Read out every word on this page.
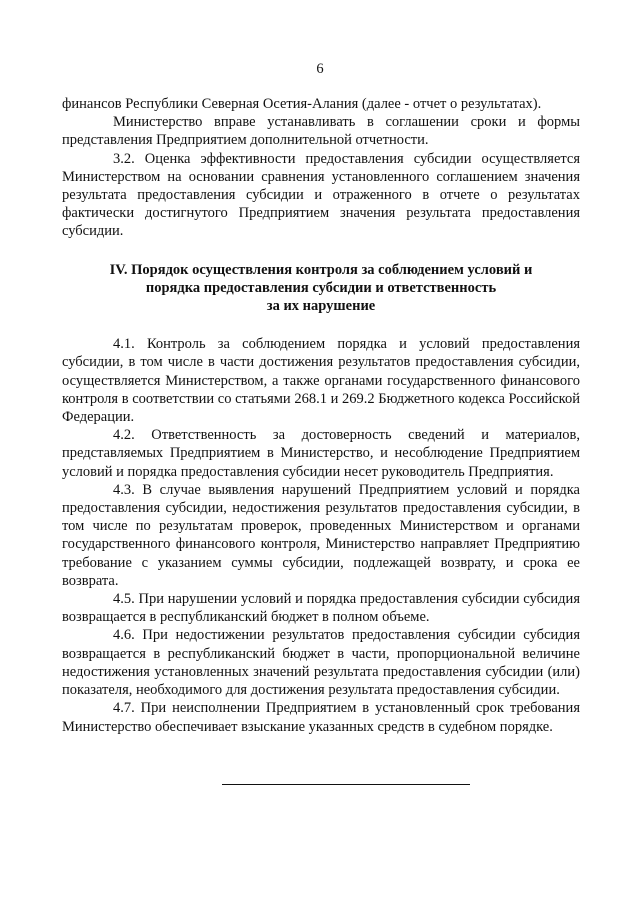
6

финансов Республики Северная Осетия-Алания (далее - отчет о результатах).

Министерство вправе устанавливать в соглашении сроки и формы представления Предприятием дополнительной отчетности.

3.2. Оценка эффективности предоставления субсидии осуществляется Министерством на основании сравнения установленного соглашением значения результата предоставления субсидии и отраженного в отчете о результатах фактически достигнутого Предприятием значения результата предоставления субсидии.

IV. Порядок осуществления контроля за соблюдением условий и
порядка предоставления субсидии и ответственность
за их нарушение

4.1. Контроль за соблюдением порядка и условий предоставления субсидии, в том числе в части достижения результатов предоставления субсидии, осуществляется Министерством, а также органами государственного финансового контроля в соответствии со статьями 268.1 и 269.2 Бюджетного кодекса Российской Федерации.

4.2. Ответственность за достоверность сведений и материалов, представляемых Предприятием в Министерство, и несоблюдение Предприятием условий и порядка предоставления субсидии несет руководитель Предприятия.

4.3. В случае выявления нарушений Предприятием условий и порядка предоставления субсидии, недостижения результатов предоставления субсидии, в том числе по результатам проверок, проведенных Министерством и органами государственного финансового контроля, Министерство направляет Предприятию требование с указанием суммы субсидии, подлежащей возврату, и срока ее возврата.

4.5. При нарушении условий и порядка предоставления субсидии субсидия возвращается в республиканский бюджет в полном объеме.

4.6. При недостижении результатов предоставления субсидии субсидия возвращается в республиканский бюджет в части, пропорциональной величине недостижения установленных значений результата предоставления субсидии (или) показателя, необходимого для достижения результата предоставления субсидии.

4.7. При неисполнении Предприятием в установленный срок требования Министерство обеспечивает взыскание указанных средств в судебном порядке.
